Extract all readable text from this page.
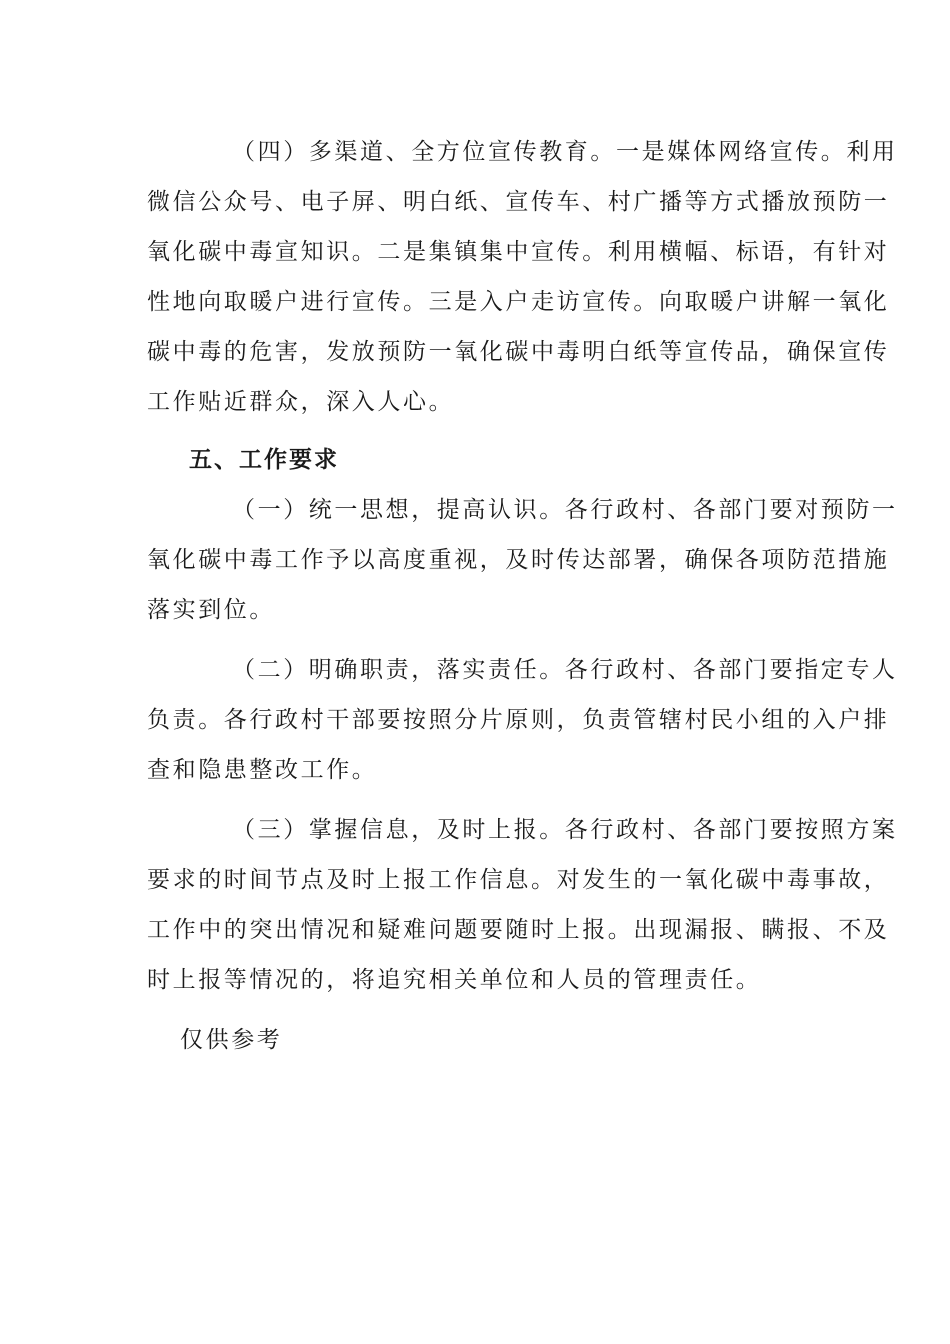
（四）多渠道、全方位宣传教育。一是媒体网络宣传。利用
微信公众号、电子屏、明白纸、宣传车、村广播等方式播放预防一
氧化碳中毒宣知识。二是集镇集中宣传。利用横幅、标语，有针对
性地向取暖户进行宣传。三是入户走访宣传。向取暖户讲解一氧化
碳中毒的危害，发放预防一氧化碳中毒明白纸等宣传品，确保宣传
工作贴近群众，深入人心。
五、工作要求
（一）统一思想，提高认识。各行政村、各部门要对预防一
氧化碳中毒工作予以高度重视，及时传达部署，确保各项防范措施
落实到位。
（二）明确职责，落实责任。各行政村、各部门要指定专人
负责。各行政村干部要按照分片原则，负责管辖村民小组的入户排
查和隐患整改工作。
（三）掌握信息，及时上报。各行政村、各部门要按照方案
要求的时间节点及时上报工作信息。对发生的一氧化碳中毒事故，
工作中的突出情况和疑难问题要随时上报。出现漏报、瞒报、不及
时上报等情况的，将追究相关单位和人员的管理责任。
仅供参考
